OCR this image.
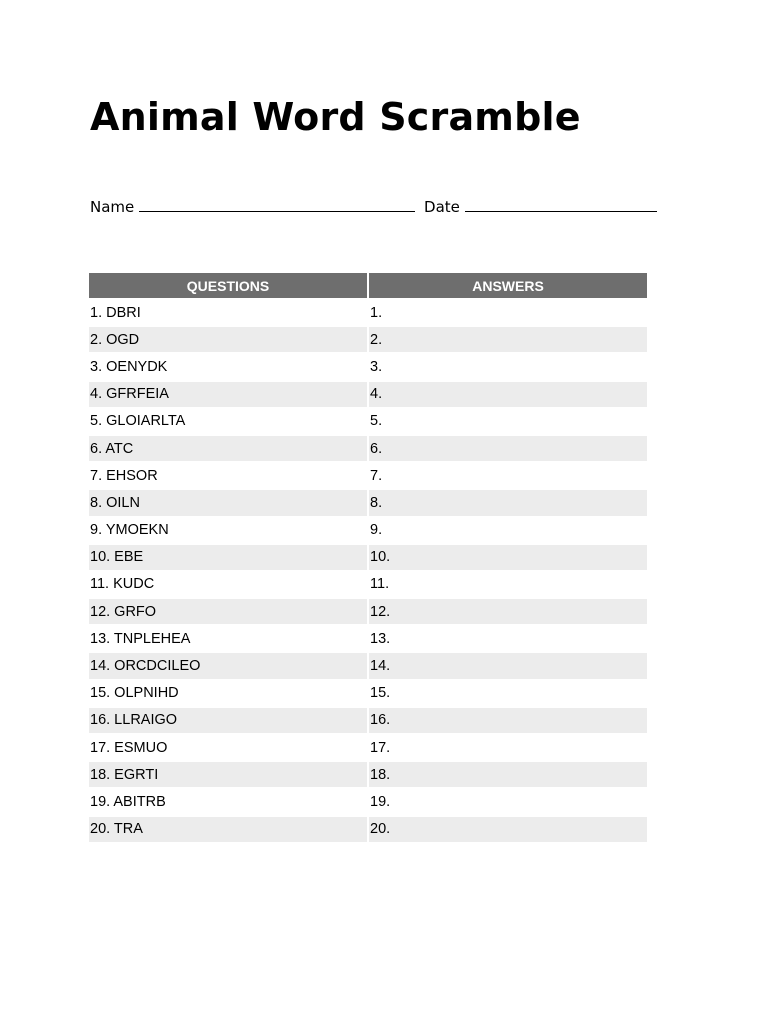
Animal Word Scramble
Name	Date
QUESTIONS	ANSWERS
1. DBRI	1.
2. OGD	2.
3. OENYDK	3.
4. GFRFEIA	4.
5. GLOIARLTA	5.
6. ATC	6.
7. EHSOR	7.
8. OILN	8.
9. YMOEKN	9.
10. EBE	10.
11. KUDC	11.
12. GRFO	12.
13. TNPLEHEA	13.
14. ORCDCILEO	14.
15. OLPNIHD	15.
16. LLRAIGO	16.
17. ESMUO	17.
18. EGRTI	18.
19. ABITRB	19.
20. TRA	20.
